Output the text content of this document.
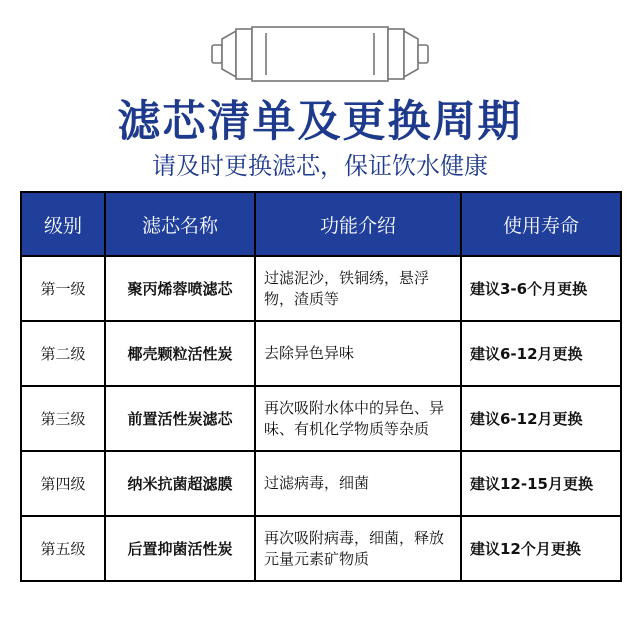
滤芯清单及更换周期
请及时更换滤芯，保证饮水健康
级别	滤芯名称	功能介绍	使用寿命
第一级	聚丙烯蓉喷滤芯	过滤泥沙，铁铜绣，悬浮物，渣质等	建议3-6个月更换
第二级	椰壳颗粒活性炭	去除异色异味	建议6-12月更换
第三级	前置活性炭滤芯	再次吸附水体中的异色、异味、有机化学物质等杂质	建议6-12月更换
第四级	纳米抗菌超滤膜	过滤病毒，细菌	建议12-15月更换
第五级	后置抑菌活性炭	再次吸附病毒，细菌，释放元量元素矿物质	建议12个月更换
